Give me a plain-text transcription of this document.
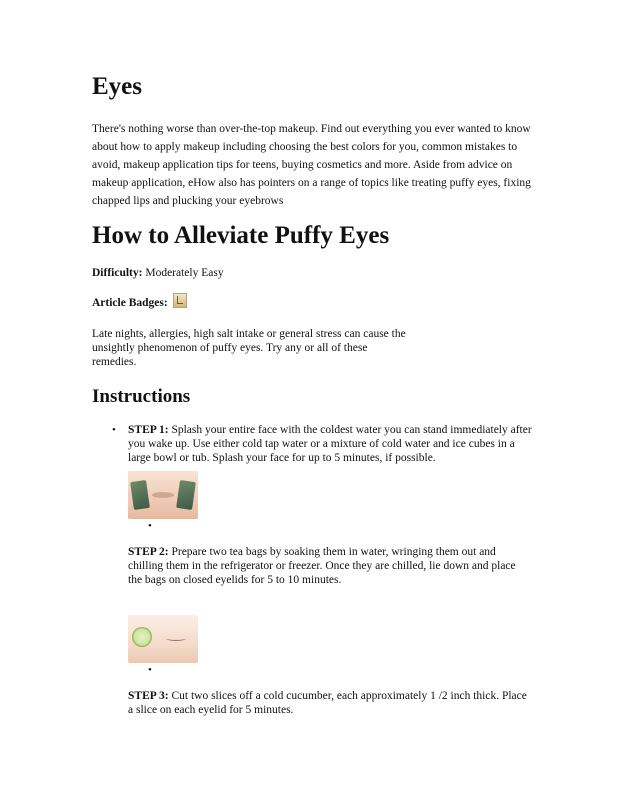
Eyes

There's nothing worse than over-the-top makeup. Find out everything you ever wanted to know about how to apply makeup including choosing the best colors for you, common mistakes to avoid, makeup application tips for teens, buying cosmetics and more. Aside from advice on makeup application, eHow also has pointers on a range of topics like treating puffy eyes, fixing chapped lips and plucking your eyebrows

How to Alleviate Puffy Eyes

Difficulty: Moderately Easy

Article Badges:

Late nights, allergies, high salt intake or general stress can cause the unsightly phenomenon of puffy eyes. Try any or all of these remedies.

Instructions
• STEP 1: Splash your entire face with the coldest water you can stand immediately after you wake up. Use either cold tap water or a mixture of cold water and ice cubes in a large bowl or tub. Splash your face for up to 5 minutes, if possible.
•
STEP 2: Prepare two tea bags by soaking them in water, wringing them out and chilling them in the refrigerator or freezer. Once they are chilled, lie down and place the bags on closed eyelids for 5 to 10 minutes.
•
STEP 3: Cut two slices off a cold cucumber, each approximately 1 /2 inch thick. Place a slice on each eyelid for 5 minutes.
